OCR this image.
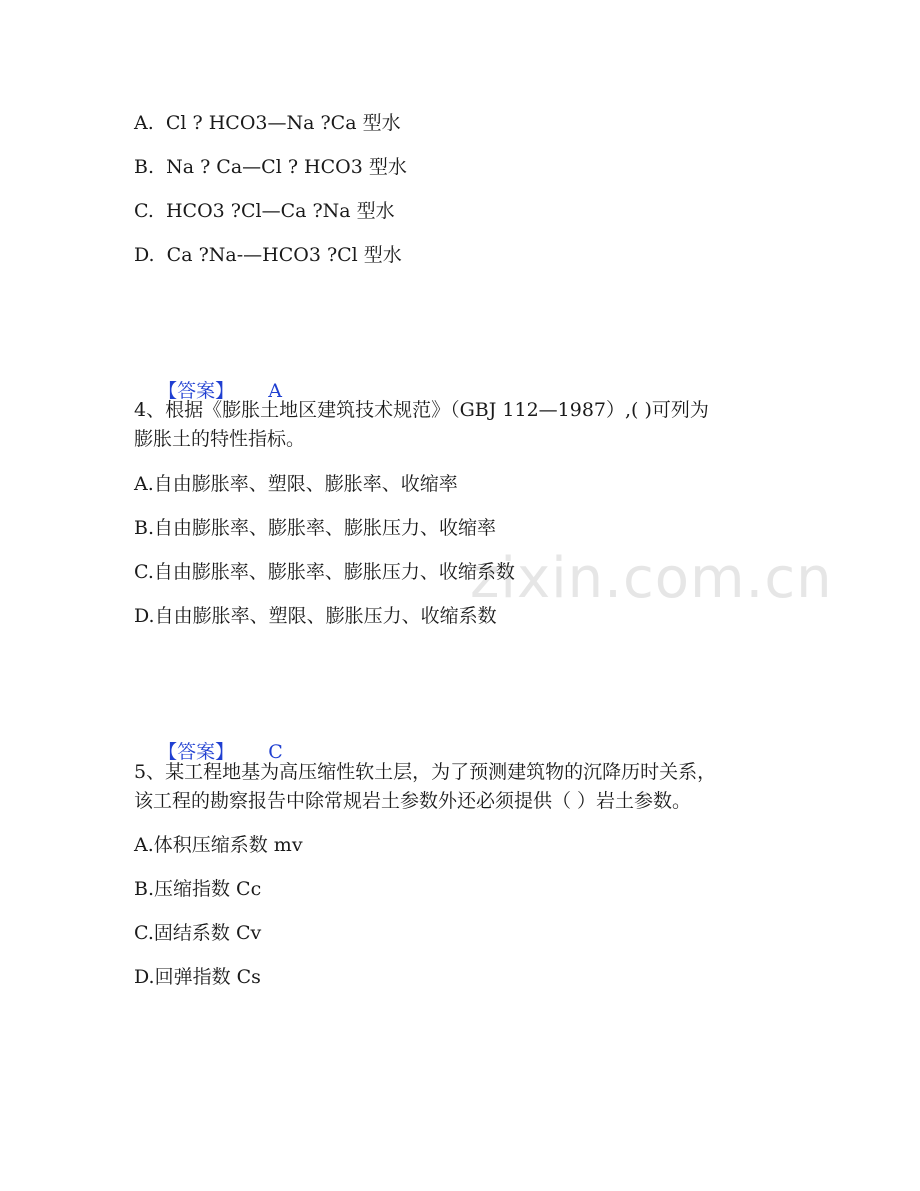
zixin.com.cn
A.  Cl ? HCO3—Na ?Ca 型水
B.  Na ? Ca—Cl ? HCO3 型水
C.  HCO3 ?Cl—Ca ?Na 型水
D.  Ca ?Na-—HCO3 ?Cl 型水

【答案】 A

4、根据《膨胀土地区建筑技术规范》（GBJ 112—1987）,( )可列为
膨胀土的特性指标。
A.自由膨胀率、塑限、膨胀率、收缩率
B.自由膨胀率、膨胀率、膨胀压力、收缩率
C.自由膨胀率、膨胀率、膨胀压力、收缩系数
D.自由膨胀率、塑限、膨胀压力、收缩系数

【答案】 C

5、某工程地基为高压缩性软土层，为了预测建筑物的沉降历时关系，
该工程的勘察报告中除常规岩土参数外还必须提供（ ）岩土参数。
A.体积压缩系数 mv
B.压缩指数 Cc
C.固结系数 Cv
D.回弹指数 Cs
